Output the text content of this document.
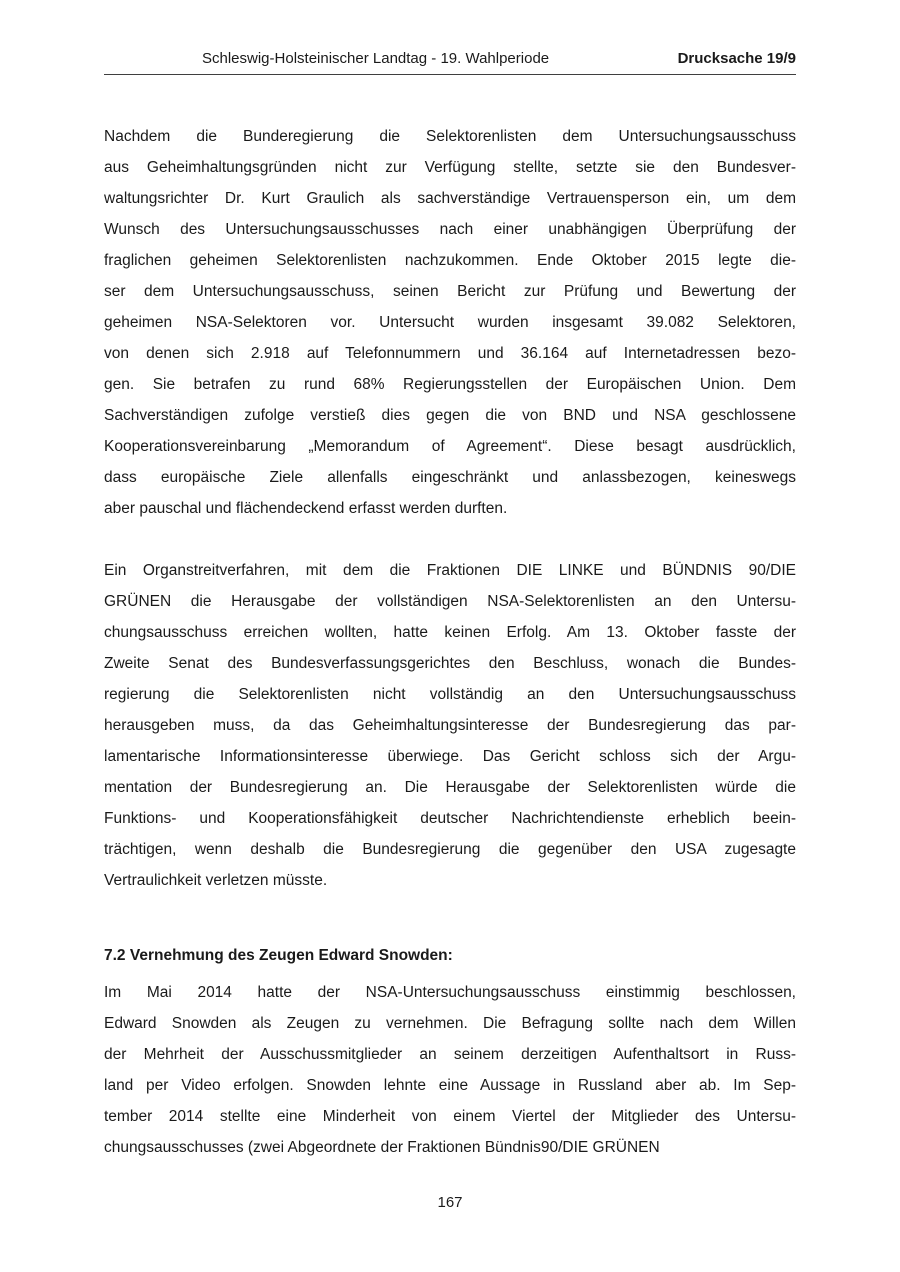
Schleswig-Holsteinischer Landtag - 19. Wahlperiode	Drucksache 19/9
Nachdem die Bunderegierung die Selektorenlisten dem Untersuchungsausschuss
aus Geheimhaltungsgründen nicht zur Verfügung stellte, setzte sie den Bundesver-
waltungsrichter Dr. Kurt Graulich als sachverständige Vertrauensperson ein, um dem
Wunsch des Untersuchungsausschusses nach einer unabhängigen Überprüfung der
fraglichen geheimen Selektorenlisten nachzukommen. Ende Oktober 2015 legte die-
ser dem Untersuchungsausschuss, seinen Bericht zur Prüfung und Bewertung der
geheimen NSA-Selektoren vor. Untersucht wurden insgesamt 39.082 Selektoren,
von denen sich 2.918 auf Telefonnummern und 36.164 auf Internetadressen bezo-
gen. Sie betrafen zu rund 68% Regierungsstellen der Europäischen Union. Dem
Sachverständigen zufolge verstieß dies gegen die von BND und NSA geschlossene
Kooperationsvereinbarung „Memorandum of Agreement“. Diese besagt ausdrücklich,
dass europäische Ziele allenfalls eingeschränkt und anlassbezogen, keineswegs
aber pauschal und flächendeckend erfasst werden durften.
Ein Organstreitverfahren, mit dem die Fraktionen DIE LINKE und BÜNDNIS 90/DIE
GRÜNEN die Herausgabe der vollständigen NSA-Selektorenlisten an den Untersu-
chungsausschuss erreichen wollten, hatte keinen Erfolg. Am 13. Oktober fasste der
Zweite Senat des Bundesverfassungsgerichtes den Beschluss, wonach die Bundes-
regierung die Selektorenlisten nicht vollständig an den Untersuchungsausschuss
herausgeben muss, da das Geheimhaltungsinteresse der Bundesregierung das par-
lamentarische Informationsinteresse überwiege. Das Gericht schloss sich der Argu-
mentation der Bundesregierung an. Die Herausgabe der Selektorenlisten würde die
Funktions- und Kooperationsfähigkeit deutscher Nachrichtendienste erheblich beein-
trächtigen, wenn deshalb die Bundesregierung die gegenüber den USA zugesagte
Vertraulichkeit verletzen müsste.
7.2 Vernehmung des Zeugen Edward Snowden:
Im Mai 2014 hatte der NSA-Untersuchungsausschuss einstimmig beschlossen,
Edward Snowden als Zeugen zu vernehmen. Die Befragung sollte nach dem Willen
der Mehrheit der Ausschussmitglieder an seinem derzeitigen Aufenthaltsort in Russ-
land per Video erfolgen. Snowden lehnte eine Aussage in Russland aber ab. Im Sep-
tember 2014 stellte eine Minderheit von einem Viertel der Mitglieder des Untersu-
chungsausschusses (zwei Abgeordnete der Fraktionen Bündnis90/DIE GRÜNEN
167
